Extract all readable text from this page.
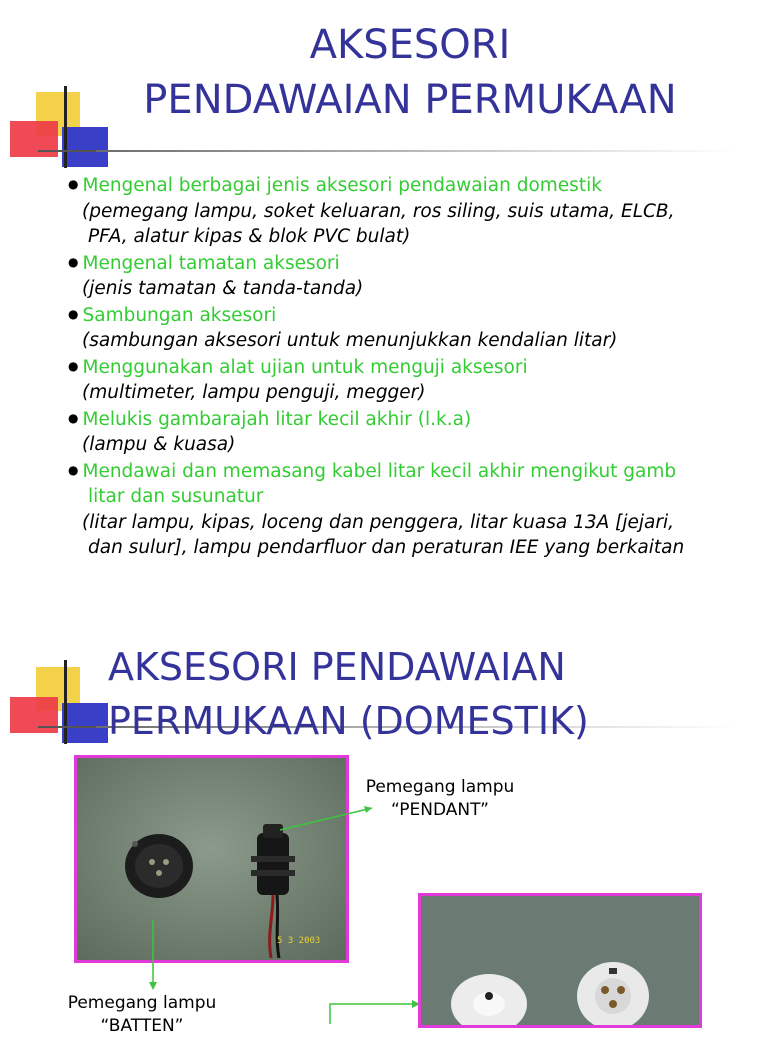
AKSESORI
PENDAWAIAN PERMUKAAN
● Mengenal berbagai jenis aksesori pendawaian domestik
(pemegang lampu, soket keluaran, ros siling, suis utama, ELCB,
PFA, alatur kipas & blok PVC bulat)
● Mengenal tamatan aksesori
(jenis tamatan & tanda-tanda)
● Sambungan aksesori
(sambungan aksesori untuk menunjukkan kendalian litar)
● Menggunakan alat ujian untuk menguji aksesori
(multimeter, lampu penguji, megger)
● Melukis gambarajah litar kecil akhir (l.k.a)
(lampu & kuasa)
● Mendawai dan memasang kabel litar kecil akhir mengikut gamb
litar dan susunatur
(litar lampu, kipas, loceng dan penggera, litar kuasa 13A [jejari,
dan sulur], lampu pendarfluor dan peraturan IEE yang berkaitan
AKSESORI PENDAWAIAN
PERMUKAAN (DOMESTIK)
5 3 2003
Pemegang lampu
“PENDANT”
Pemegang lampu
“BATTEN”
